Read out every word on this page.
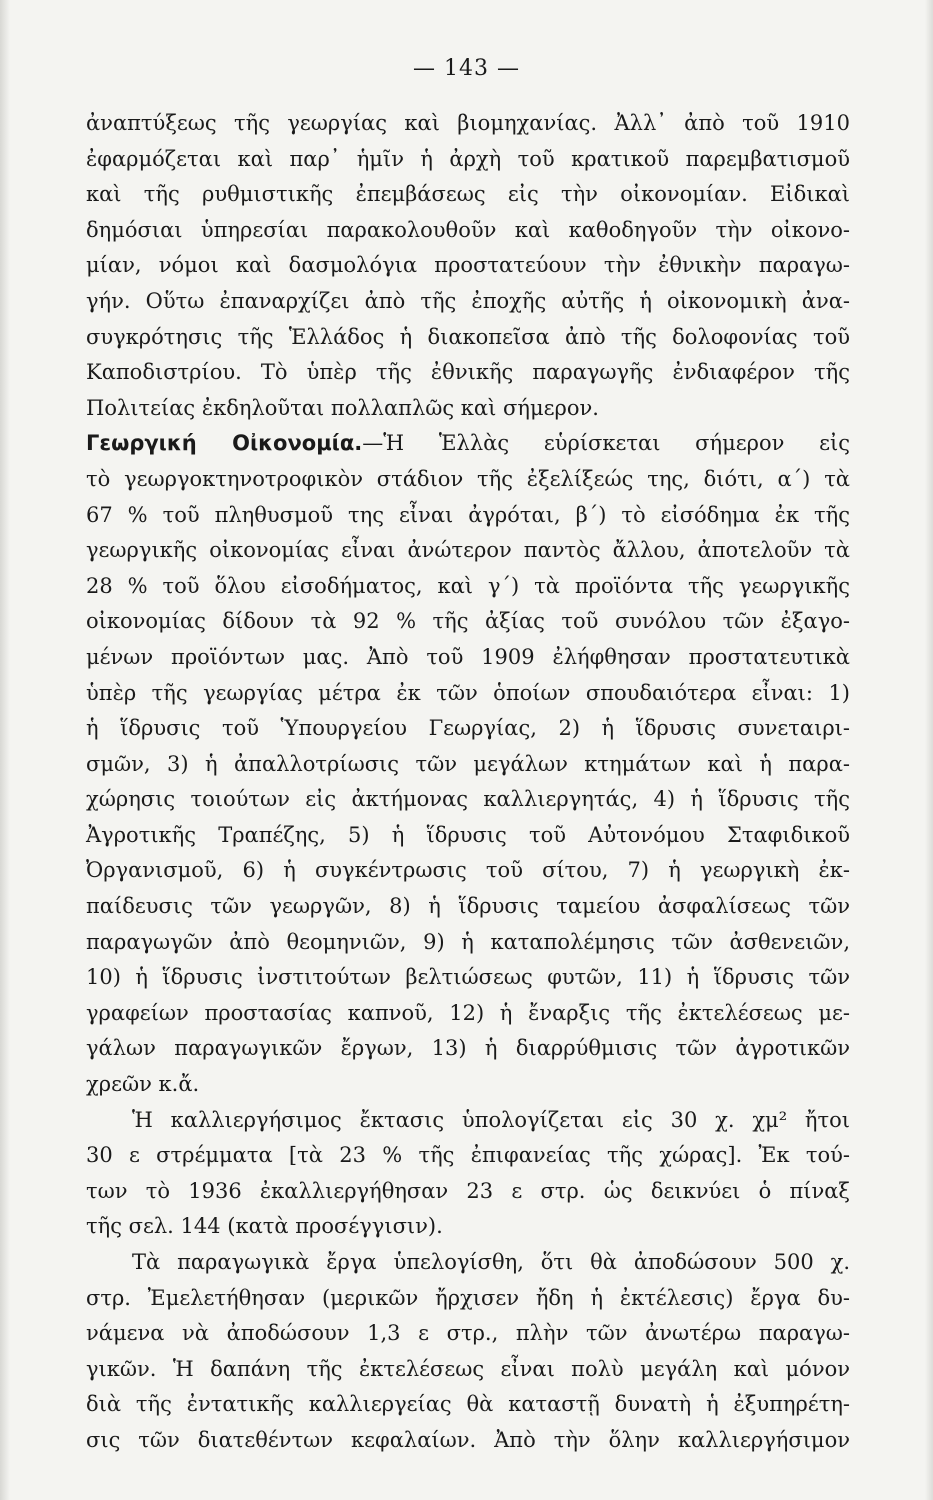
— 143 —
ἀναπτύξεως τῆς γεωργίας καὶ βιομηχανίας. Ἀλλ᾿ ἀπὸ τοῦ 1910
ἐφαρμόζεται καὶ παρ᾿ ἡμῖν ἡ ἀρχὴ τοῦ κρατικοῦ παρεμβατισμοῦ
καὶ τῆς ρυθμιστικῆς ἐπεμβάσεως εἰς τὴν οἰκονομίαν. Εἰδικαὶ
δημόσιαι ὑπηρεσίαι παρακολουθοῦν καὶ καθοδηγοῦν τὴν οἰκονο-
μίαν, νόμοι καὶ δασμολόγια προστατεύουν τὴν ἐθνικὴν παραγω-
γήν. Οὕτω ἐπαναρχίζει ἀπὸ τῆς ἐποχῆς αὐτῆς ἡ οἰκονομικὴ ἀνα-
συγκρότησις τῆς Ἑλλάδος ἡ διακοπεῖσα ἀπὸ τῆς δολοφονίας τοῦ
Καποδιστρίου. Τὸ ὑπὲρ τῆς ἐθνικῆς παραγωγῆς ἐνδιαφέρον τῆς
Πολιτείας ἐκδηλοῦται πολλαπλῶς καὶ σήμερον.
Γεωργική Οἰκονομία.—Ἡ Ἑλλὰς εὑρίσκεται σήμερον εἰς
τὸ γεωργοκτηνοτροφικὸν στάδιον τῆς ἐξελίξεώς της, διότι, α΄) τὰ
67 % τοῦ πληθυσμοῦ της εἶναι ἀγρόται, β΄) τὸ εἰσόδημα ἐκ τῆς
γεωργικῆς οἰκονομίας εἶναι ἀνώτερον παντὸς ἄλλου, ἀποτελοῦν τὰ
28 % τοῦ ὅλου εἰσοδήματος, καὶ γ΄) τὰ προϊόντα τῆς γεωργικῆς
οἰκονομίας δίδουν τὰ 92 % τῆς ἀξίας τοῦ συνόλου τῶν ἐξαγο-
μένων προϊόντων μας. Ἀπὸ τοῦ 1909 ἐλήφθησαν προστατευτικὰ
ὑπὲρ τῆς γεωργίας μέτρα ἐκ τῶν ὁποίων σπουδαιότερα εἶναι: 1)
ἡ ἵδρυσις τοῦ Ὑπουργείου Γεωργίας, 2) ἡ ἵδρυσις συνεταιρι-
σμῶν, 3) ἡ ἀπαλλοτρίωσις τῶν μεγάλων κτημάτων καὶ ἡ παρα-
χώρησις τοιούτων εἰς ἀκτήμονας καλλιεργητάς, 4) ἡ ἵδρυσις τῆς
Ἀγροτικῆς Τραπέζης, 5) ἡ ἵδρυσις τοῦ Αὐτονόμου Σταφιδικοῦ
Ὀργανισμοῦ, 6) ἡ συγκέντρωσις τοῦ σίτου, 7) ἡ γεωργικὴ ἐκ-
παίδευσις τῶν γεωργῶν, 8) ἡ ἵδρυσις ταμείου ἀσφαλίσεως τῶν
παραγωγῶν ἀπὸ θεομηνιῶν, 9) ἡ καταπολέμησις τῶν ἀσθενειῶν,
10) ἡ ἵδρυσις ἰνστιτούτων βελτιώσεως φυτῶν, 11) ἡ ἵδρυσις τῶν
γραφείων προστασίας καπνοῦ, 12) ἡ ἔναρξις τῆς ἐκτελέσεως με-
γάλων παραγωγικῶν ἔργων, 13) ἡ διαρρύθμισις τῶν ἀγροτικῶν
χρεῶν κ.ἄ.
Ἡ καλλιεργήσιμος ἔκτασις ὑπολογίζεται εἰς 30 χ. χμ² ἤτοι
30 ε στρέμματα [τὰ 23 % τῆς ἐπιφανείας τῆς χώρας]. Ἐκ τού-
των τὸ 1936 ἐκαλλιεργήθησαν 23 ε στρ. ὡς δεικνύει ὁ πίναξ
τῆς σελ. 144 (κατὰ προσέγγισιν).
Τὰ παραγωγικὰ ἔργα ὑπελογίσθη, ὅτι θὰ ἀποδώσουν 500 χ.
στρ. Ἐμελετήθησαν (μερικῶν ἤρχισεν ἤδη ἡ ἐκτέλεσις) ἔργα δυ-
νάμενα νὰ ἀποδώσουν 1,3 ε στρ., πλὴν τῶν ἀνωτέρω παραγω-
γικῶν. Ἡ δαπάνη τῆς ἐκτελέσεως εἶναι πολὺ μεγάλη καὶ μόνον
διὰ τῆς ἐντατικῆς καλλιεργείας θὰ καταστῇ δυνατὴ ἡ ἐξυπηρέτη-
σις τῶν διατεθέντων κεφαλαίων. Ἀπὸ τὴν ὅλην καλλιεργήσιμον
